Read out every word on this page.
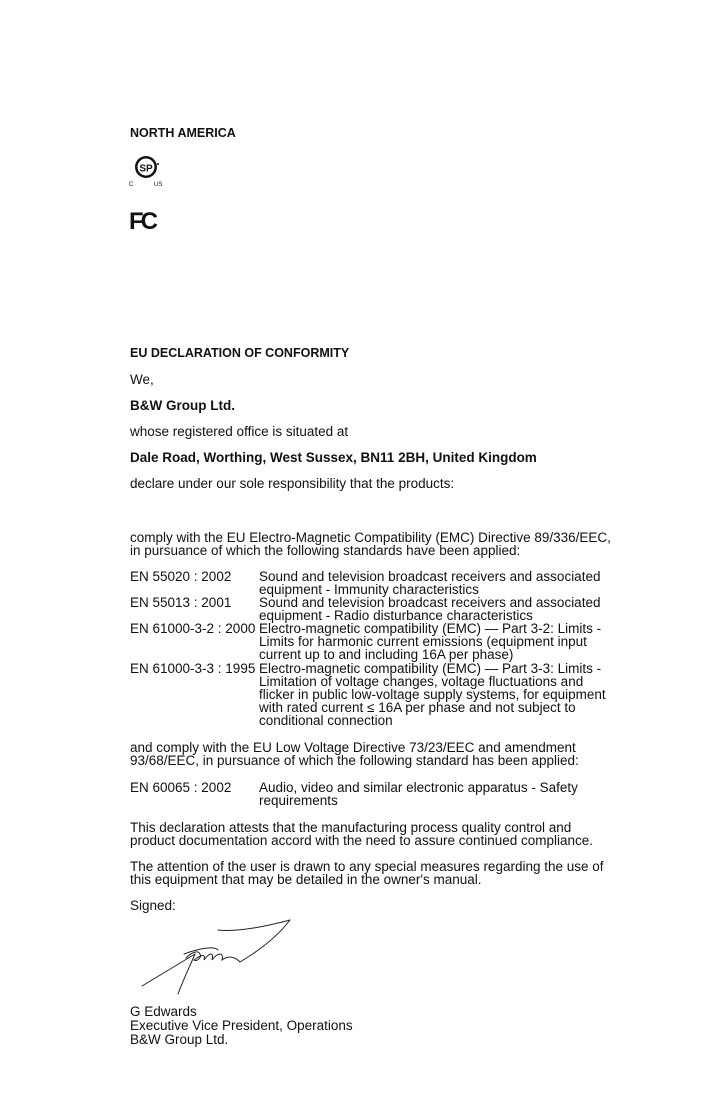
NORTH AMERICA
SP
C	US
FC
EU DECLARATION OF CONFORMITY
We,
B&W Group Ltd.
whose registered office is situated at
Dale Road, Worthing, West Sussex, BN11 2BH, United Kingdom
declare under our sole responsibility that the products:
comply with the EU Electro-Magnetic Compatibility (EMC) Directive 89/336/EEC, in pursuance of which the following standards have been applied:
EN 55020 : 2002 Sound and television broadcast receivers and associated equipment - Immunity characteristics
EN 55013 : 2001 Sound and television broadcast receivers and associated equipment - Radio disturbance characteristics
EN 61000-3-2 : 2000 Electro-magnetic compatibility (EMC) — Part 3-2: Limits - Limits for harmonic current emissions (equipment input current up to and including 16A per phase)
EN 61000-3-3 : 1995 Electro-magnetic compatibility (EMC) — Part 3-3: Limits - Limitation of voltage changes, voltage fluctuations and flicker in public low-voltage supply systems, for equipment with rated current ≤ 16A per phase and not subject to conditional connection
and comply with the EU Low Voltage Directive 73/23/EEC and amendment 93/68/EEC, in pursuance of which the following standard has been applied:
EN 60065 : 2002 Audio, video and similar electronic apparatus - Safety requirements
This declaration attests that the manufacturing process quality control and product documentation accord with the need to assure continued compliance.
The attention of the user is drawn to any special measures regarding the use of this equipment that may be detailed in the owner's manual.
Signed:
G Edwards
Executive Vice President, Operations
B&W Group Ltd.
